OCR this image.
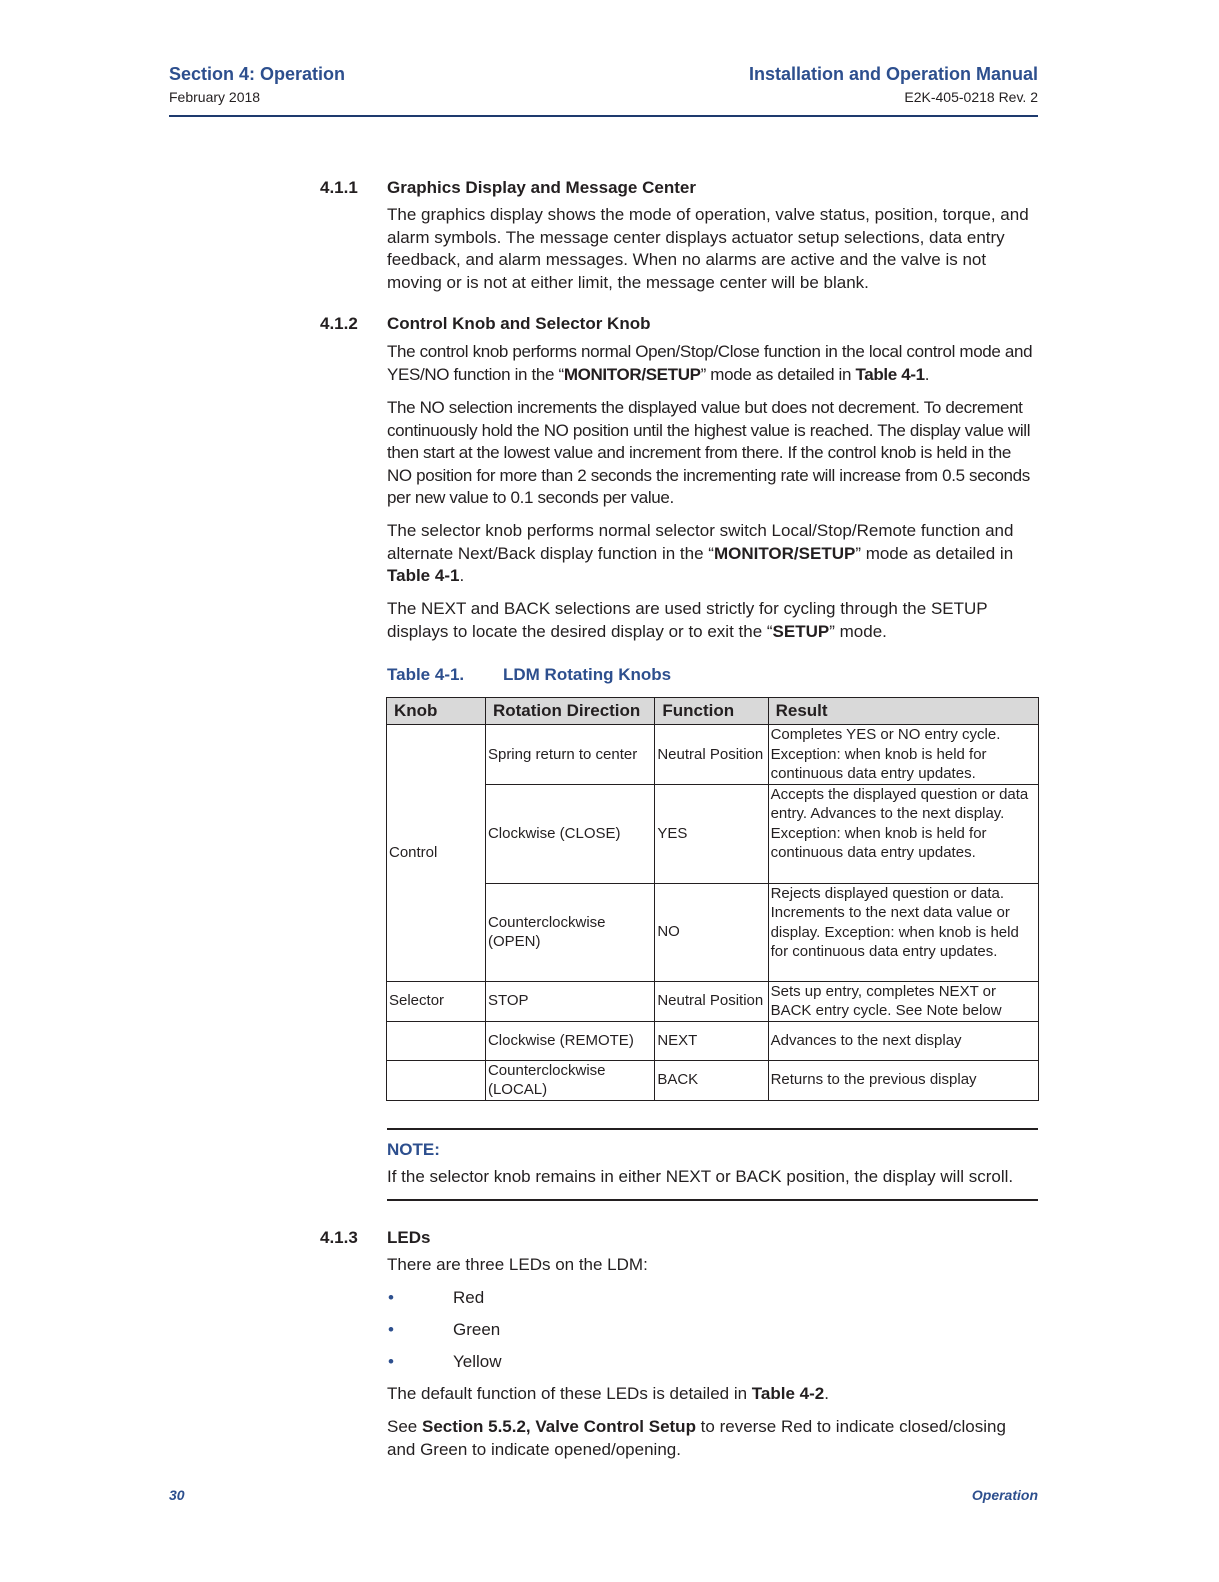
Section 4: Operation
February 2018
Installation and Operation Manual
E2K-405-0218 Rev. 2
4.1.1 Graphics Display and Message Center

The graphics display shows the mode of operation, valve status, position, torque, and alarm symbols. The message center displays actuator setup selections, data entry feedback, and alarm messages. When no alarms are active and the valve is not moving or is not at either limit, the message center will be blank.

4.1.2 Control Knob and Selector Knob

The control knob performs normal Open/Stop/Close function in the local control mode and YES/NO function in the “MONITOR/SETUP” mode as detailed in Table 4-1.

The NO selection increments the displayed value but does not decrement. To decrement continuously hold the NO position until the highest value is reached. The display value will then start at the lowest value and increment from there. If the control knob is held in the NO position for more than 2 seconds the incrementing rate will increase from 0.5 seconds per new value to 0.1 seconds per value.

The selector knob performs normal selector switch Local/Stop/Remote function and alternate Next/Back display function in the “MONITOR/SETUP” mode as detailed in Table 4-1.

The NEXT and BACK selections are used strictly for cycling through the SETUP displays to locate the desired display or to exit the “SETUP” mode.

Table 4-1. LDM Rotating Knobs
Knob	Rotation Direction	Function	Result
Control	Spring return to center	Neutral Position	Completes YES or NO entry cycle. Exception: when knob is held for continuous data entry updates.
	Clockwise (CLOSE)	YES	Accepts the displayed question or data entry. Advances to the next display.
Exception: when knob is held for continuous data entry updates.

	Counterclockwise (OPEN)	NO	Rejects displayed question or data. Increments to the next data value or display. Exception: when knob is held for continuous data entry updates.
Selector	STOP	Neutral Position	Sets up entry, completes NEXT or BACK entry cycle. See Note below
	Clockwise (REMOTE)	NEXT	Advances to the next display
	Counterclockwise (LOCAL)	BACK	Returns to the previous display
NOTE:
If the selector knob remains in either NEXT or BACK position, the display will scroll.
4.1.3 LEDs

There are three LEDs on the LDM:

•	Red
•	Green
•	Yellow

The default function of these LEDs is detailed in Table 4-2.

See Section 5.5.2, Valve Control Setup to reverse Red to indicate closed/closing and Green to indicate opened/opening.

30	Operation
